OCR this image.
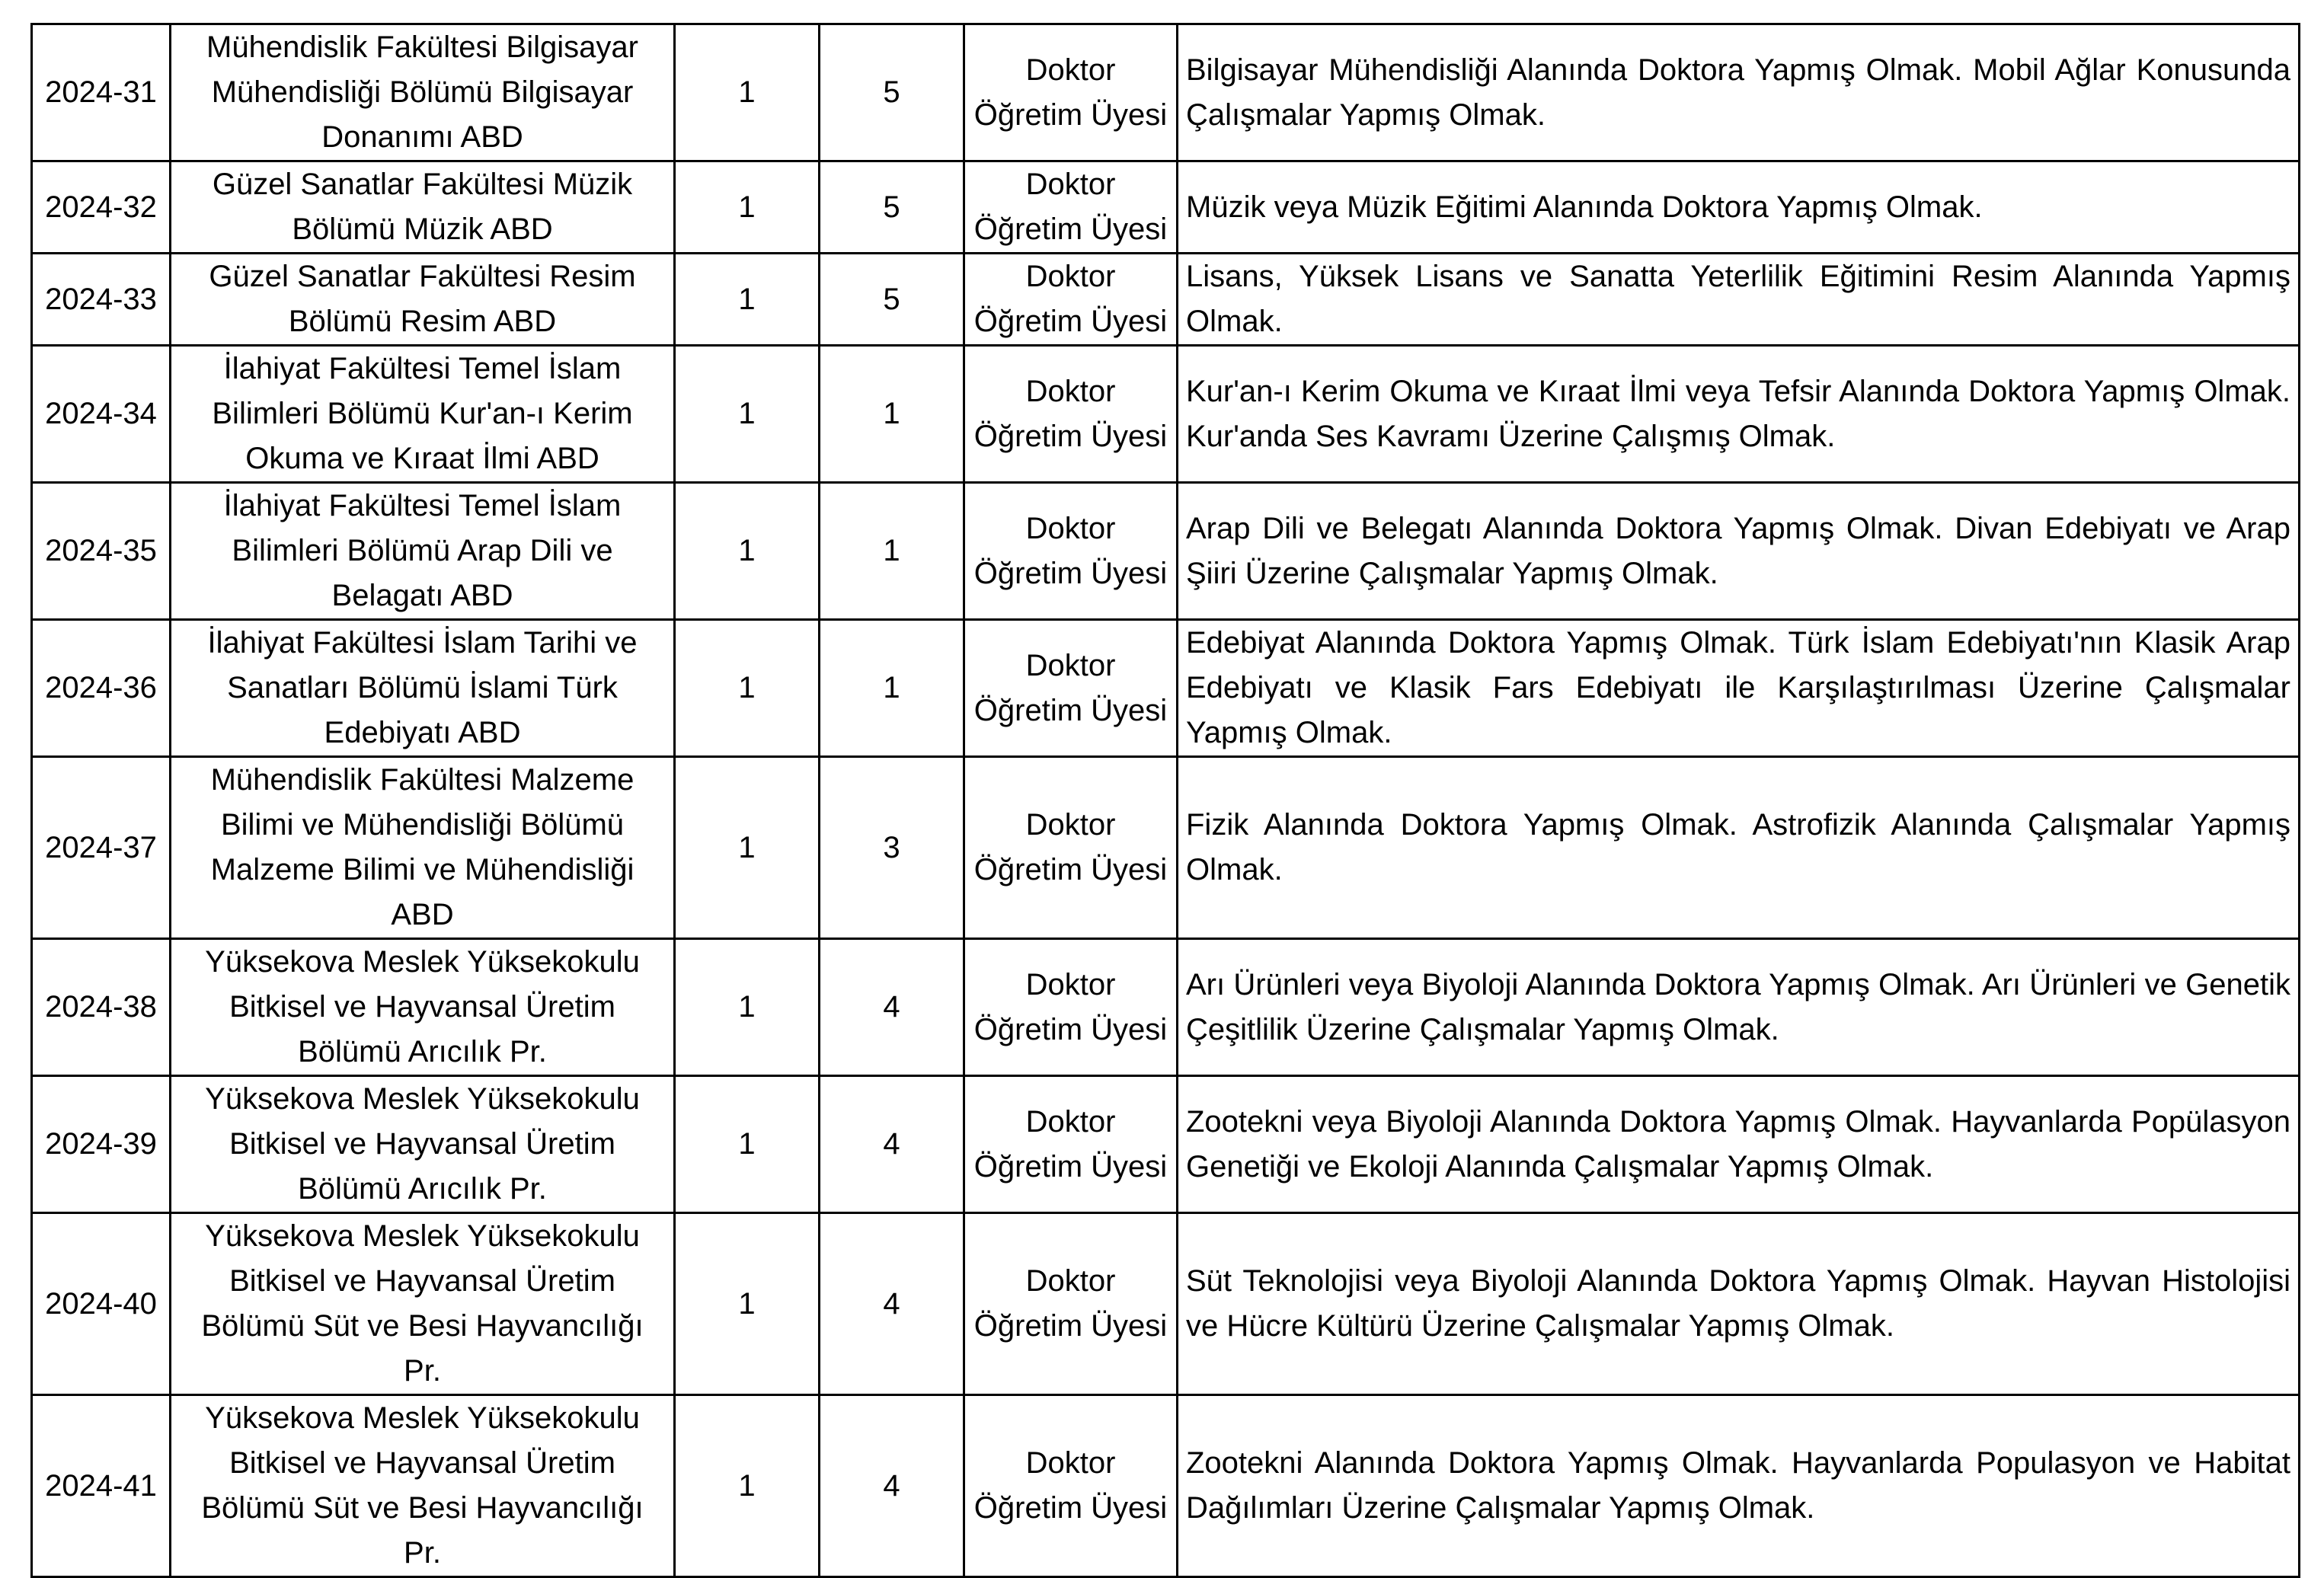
2024-31	Mühendislik Fakültesi Bilgisayar Mühendisliği Bölümü Bilgisayar Donanımı ABD	1	5	Doktor Öğretim Üyesi	Bilgisayar Mühendisliği Alanında Doktora Yapmış Olmak. Mobil Ağlar Konusunda Çalışmalar Yapmış Olmak.
2024-32	Güzel Sanatlar Fakültesi Müzik Bölümü Müzik ABD	1	5	Doktor Öğretim Üyesi	Müzik veya Müzik Eğitimi Alanında Doktora Yapmış Olmak.
2024-33	Güzel Sanatlar Fakültesi Resim Bölümü Resim ABD	1	5	Doktor Öğretim Üyesi	Lisans, Yüksek Lisans ve Sanatta Yeterlilik Eğitimini Resim Alanında Yapmış Olmak.
2024-34	İlahiyat Fakültesi Temel İslam Bilimleri Bölümü Kur'an-ı Kerim Okuma ve Kıraat İlmi ABD	1	1	Doktor Öğretim Üyesi	Kur'an-ı Kerim Okuma ve Kıraat İlmi veya Tefsir Alanında Doktora Yapmış Olmak. Kur'anda Ses Kavramı Üzerine Çalışmış Olmak.
2024-35	İlahiyat Fakültesi Temel İslam Bilimleri Bölümü Arap Dili ve Belagatı ABD	1	1	Doktor Öğretim Üyesi	Arap Dili ve Belegatı Alanında Doktora Yapmış Olmak. Divan Edebiyatı ve Arap Şiiri Üzerine Çalışmalar Yapmış Olmak.
2024-36	İlahiyat Fakültesi İslam Tarihi ve Sanatları Bölümü İslami Türk Edebiyatı ABD	1	1	Doktor Öğretim Üyesi	Edebiyat Alanında Doktora Yapmış Olmak. Türk İslam Edebiyatı'nın Klasik Arap Edebiyatı ve Klasik Fars Edebiyatı ile Karşılaştırılması Üzerine Çalışmalar Yapmış Olmak.
2024-37	Mühendislik Fakültesi Malzeme Bilimi ve Mühendisliği Bölümü Malzeme Bilimi ve Mühendisliği ABD	1	3	Doktor Öğretim Üyesi	Fizik Alanında Doktora Yapmış Olmak. Astrofizik Alanında Çalışmalar Yapmış Olmak.
2024-38	Yüksekova Meslek Yüksekokulu Bitkisel ve Hayvansal Üretim Bölümü Arıcılık Pr.	1	4	Doktor Öğretim Üyesi	Arı Ürünleri veya Biyoloji Alanında Doktora Yapmış Olmak. Arı Ürünleri ve Genetik Çeşitlilik Üzerine Çalışmalar Yapmış Olmak.
2024-39	Yüksekova Meslek Yüksekokulu Bitkisel ve Hayvansal Üretim Bölümü Arıcılık Pr.	1	4	Doktor Öğretim Üyesi	Zootekni veya Biyoloji Alanında Doktora Yapmış Olmak. Hayvanlarda Popülasyon Genetiği ve Ekoloji Alanında Çalışmalar Yapmış Olmak.
2024-40	Yüksekova Meslek Yüksekokulu Bitkisel ve Hayvansal Üretim Bölümü Süt ve Besi Hayvancılığı Pr.	1	4	Doktor Öğretim Üyesi	Süt Teknolojisi veya Biyoloji Alanında Doktora Yapmış Olmak. Hayvan Histolojisi ve Hücre Kültürü Üzerine Çalışmalar Yapmış Olmak.
2024-41	Yüksekova Meslek Yüksekokulu Bitkisel ve Hayvansal Üretim Bölümü Süt ve Besi Hayvancılığı Pr.	1	4	Doktor Öğretim Üyesi	Zootekni Alanında Doktora Yapmış Olmak. Hayvanlarda Populasyon ve Habitat Dağılımları Üzerine Çalışmalar Yapmış Olmak.
